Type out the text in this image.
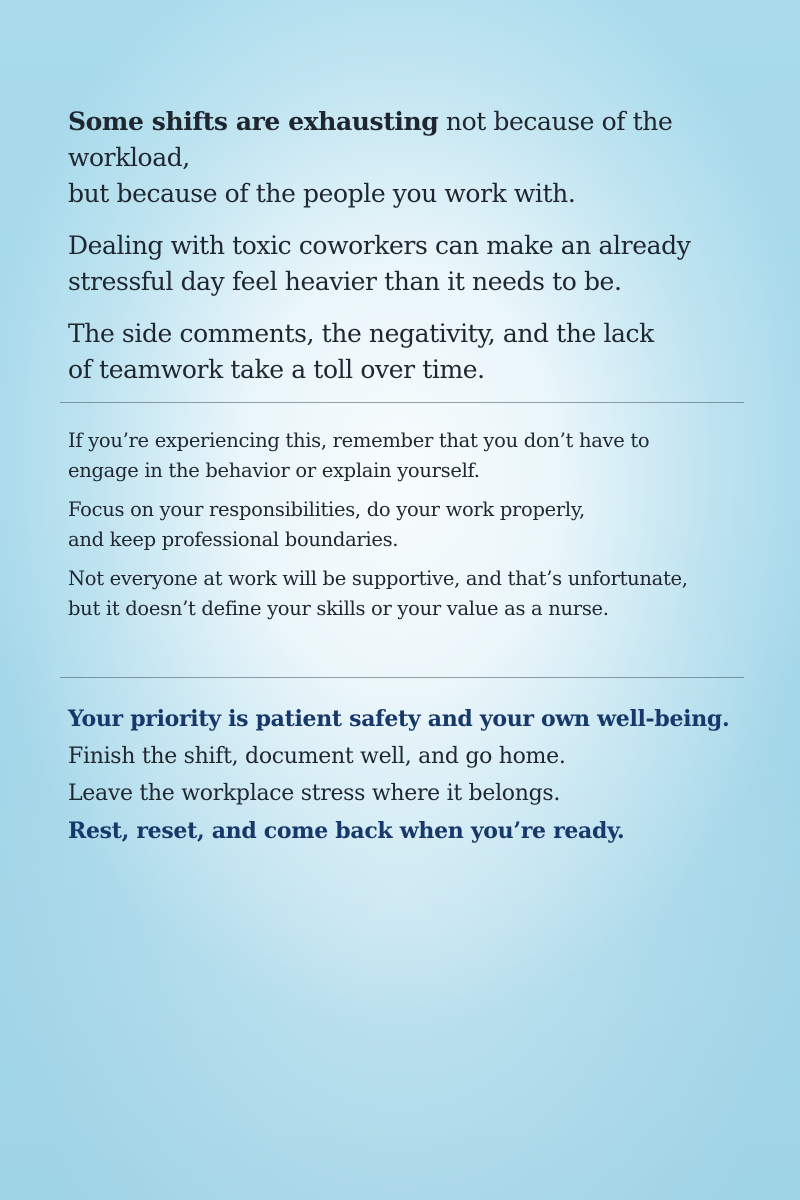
Some shifts are exhausting not because of the workload,
but because of the people you work with.

Dealing with toxic coworkers can make an already
stressful day feel heavier than it needs to be.

The side comments, the negativity, and the lack
of teamwork take a toll over time.

If you’re experiencing this, remember that you don’t have to

engage in the behavior or explain yourself.

Focus on your responsibilities, do your work properly,

and keep professional boundaries.

Not everyone at work will be supportive, and that’s unfortunate,

but it doesn’t define your skills or your value as a nurse.

Your priority is patient safety and your own well-being.

Finish the shift, document well, and go home.

Leave the workplace stress where it belongs.

Rest, reset, and come back when you’re ready.
